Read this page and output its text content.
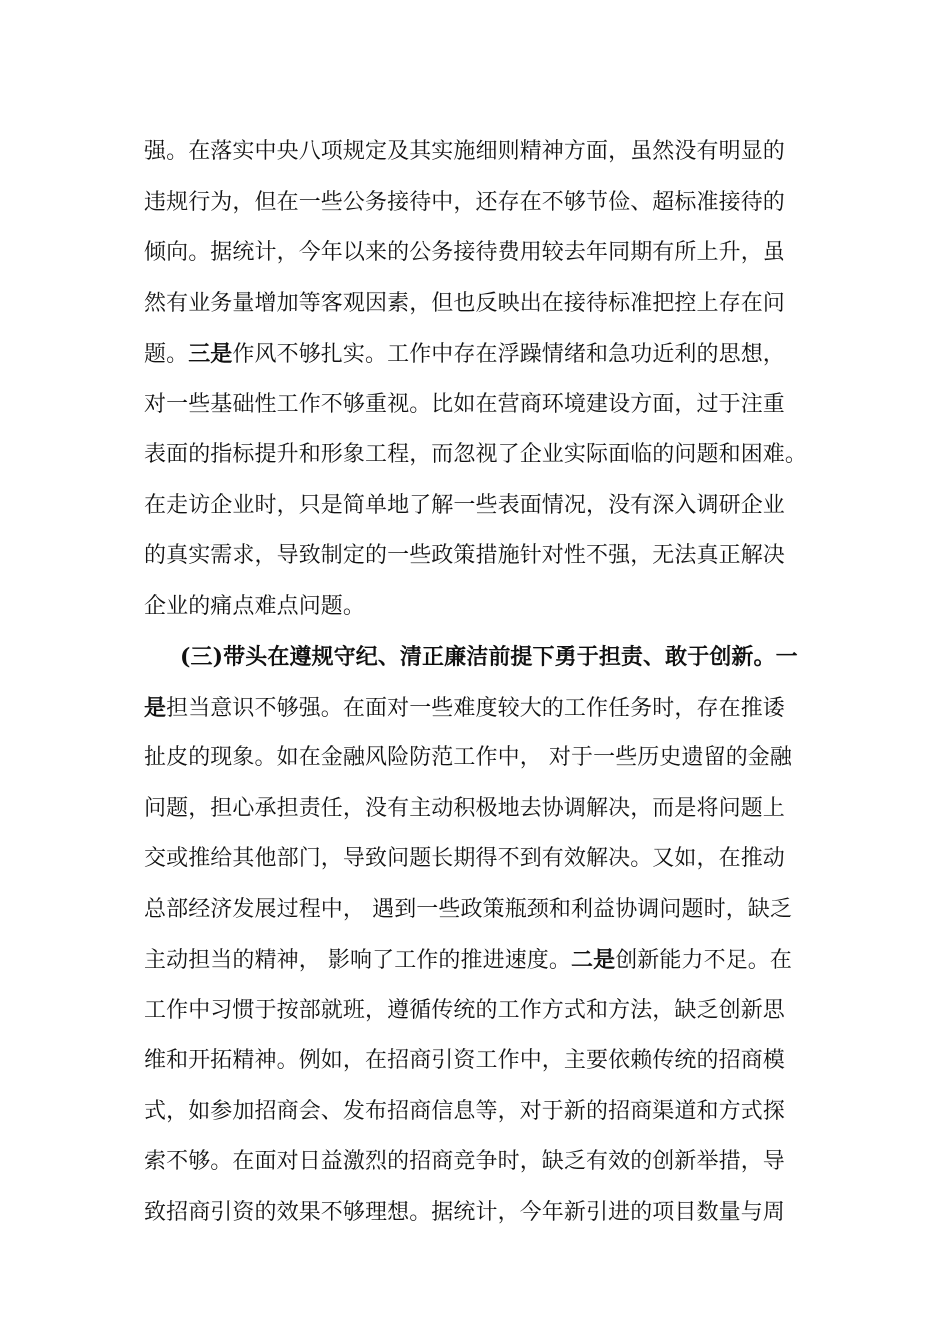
强。在落实中央八项规定及其实施细则精神方面，虽然没有明显的
违规行为，但在一些公务接待中，还存在不够节俭、超标准接待的
倾向。据统计，今年以来的公务接待费用较去年同期有所上升，虽
然有业务量增加等客观因素，但也反映出在接待标准把控上存在问
题。三是作风不够扎实。工作中存在浮躁情绪和急功近利的思想，
对一些基础性工作不够重视。比如在营商环境建设方面，过于注重
表面的指标提升和形象工程，而忽视了企业实际面临的问题和困难。
在走访企业时，只是简单地了解一些表面情况，没有深入调研企业
的真实需求，导致制定的一些政策措施针对性不强，无法真正解决
企业的痛点难点问题。
(三)带头在遵规守纪、清正廉洁前提下勇于担责、敢于创新。一
是担当意识不够强。在面对一些难度较大的工作任务时，存在推诿
扯皮的现象。如在金融风险防范工作中， 对于一些历史遗留的金融
问题，担心承担责任，没有主动积极地去协调解决，而是将问题上
交或推给其他部门，导致问题长期得不到有效解决。又如，在推动
总部经济发展过程中， 遇到一些政策瓶颈和利益协调问题时，缺乏
主动担当的精神， 影响了工作的推进速度。二是创新能力不足。在
工作中习惯于按部就班，遵循传统的工作方式和方法，缺乏创新思
维和开拓精神。例如，在招商引资工作中，主要依赖传统的招商模
式，如参加招商会、发布招商信息等，对于新的招商渠道和方式探
索不够。在面对日益激烈的招商竞争时，缺乏有效的创新举措，导
致招商引资的效果不够理想。据统计，今年新引进的项目数量与周
